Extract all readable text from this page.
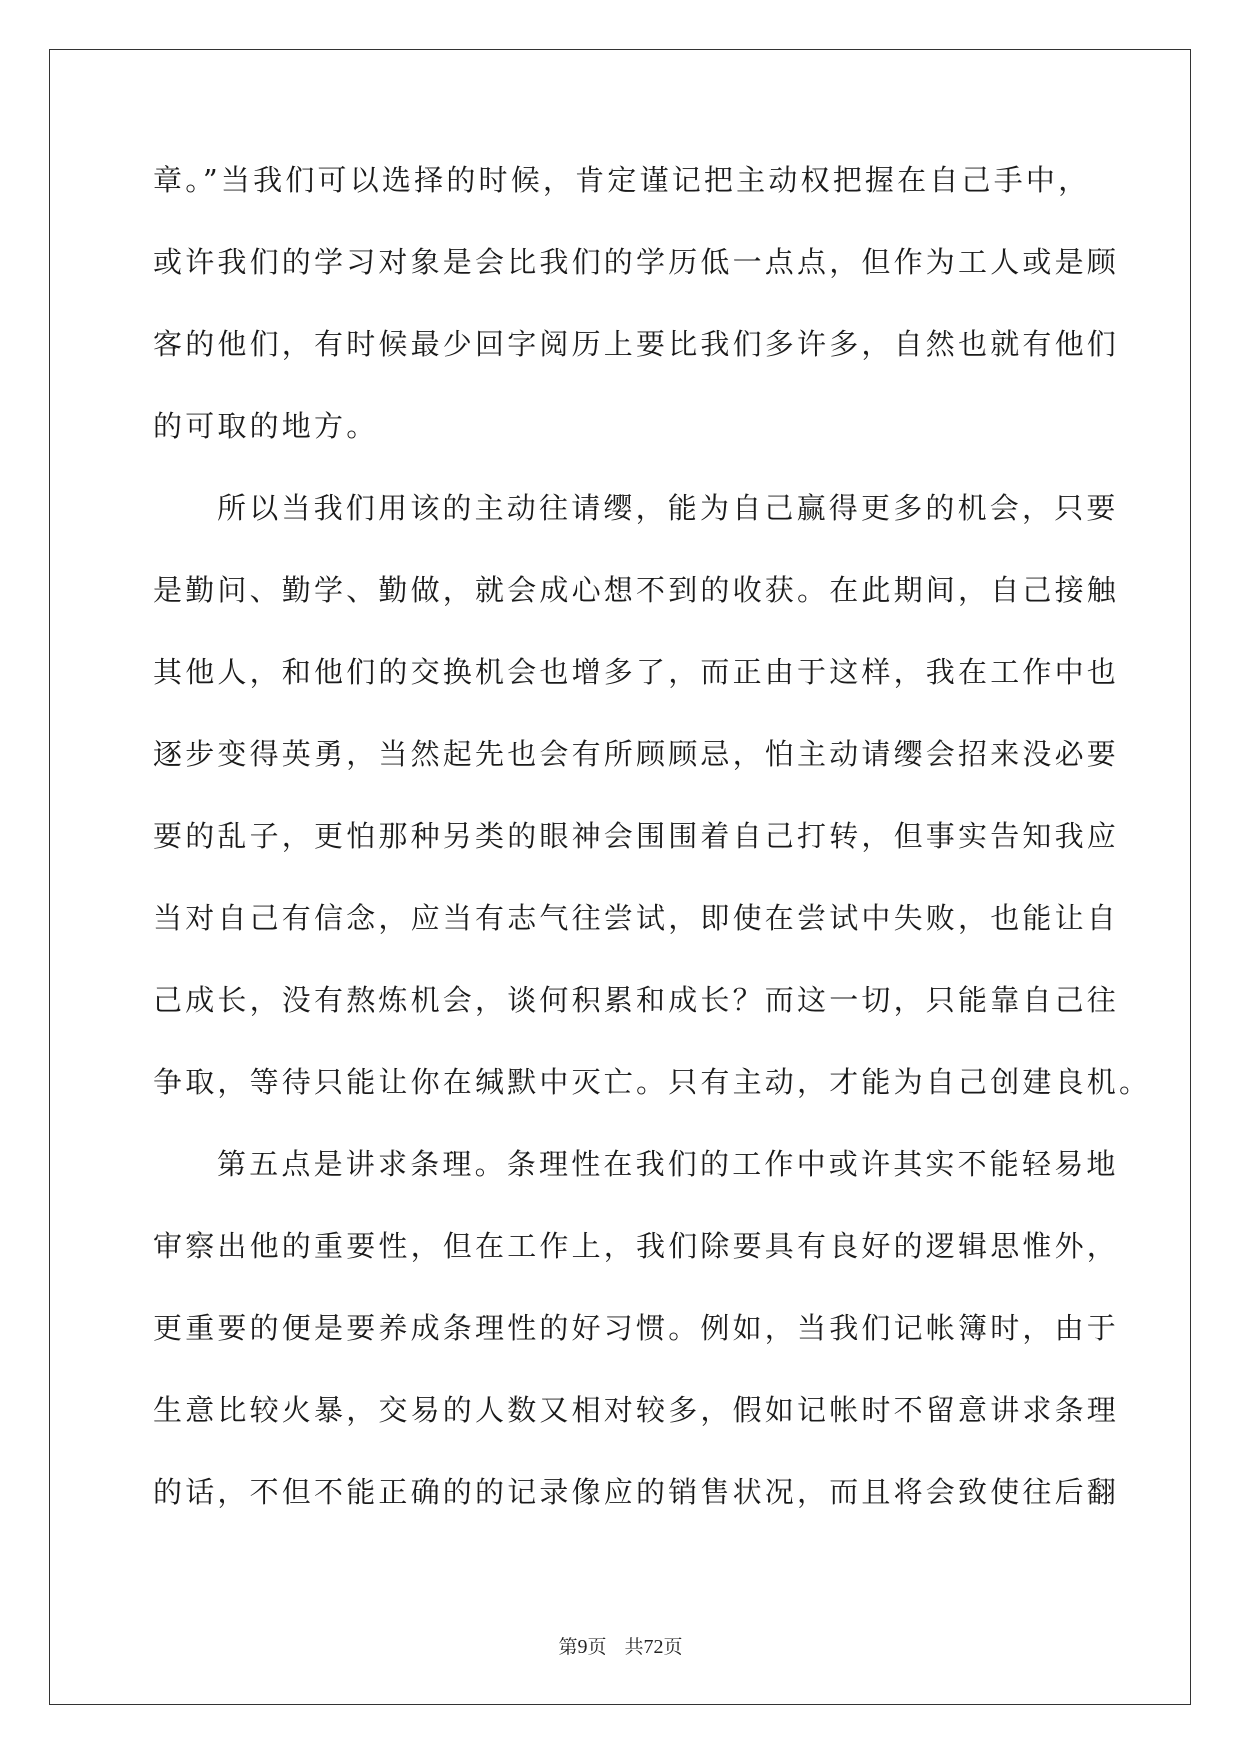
章。”当我们可以选择的时候，肯定谨记把主动权把握在自己手中，
或许我们的学习对象是会比我们的学历低一点点，但作为工人或是顾
客的他们，有时候最少回字阅历上要比我们多许多，自然也就有他们
的可取的地方。
所以当我们用该的主动往请缨，能为自己赢得更多的机会，只要
是勤问、勤学、勤做，就会成心想不到的收获。在此期间，自己接触
其他人，和他们的交换机会也增多了，而正由于这样，我在工作中也
逐步变得英勇，当然起先也会有所顾顾忌，怕主动请缨会招来没必要
要的乱子，更怕那种另类的眼神会围围着自己打转，但事实告知我应
当对自己有信念，应当有志气往尝试，即使在尝试中失败，也能让自
己成长，没有熬炼机会，谈何积累和成长？而这一切，只能靠自己往
争取，等待只能让你在缄默中灭亡。只有主动，才能为自己创建良机。
第五点是讲求条理。条理性在我们的工作中或许其实不能轻易地
审察出他的重要性，但在工作上，我们除要具有良好的逻辑思惟外，
更重要的便是要养成条理性的好习惯。例如，当我们记帐簿时，由于
生意比较火暴，交易的人数又相对较多，假如记帐时不留意讲求条理
的话，不但不能正确的的记录像应的销售状况，而且将会致使往后翻
第9页 共72页
